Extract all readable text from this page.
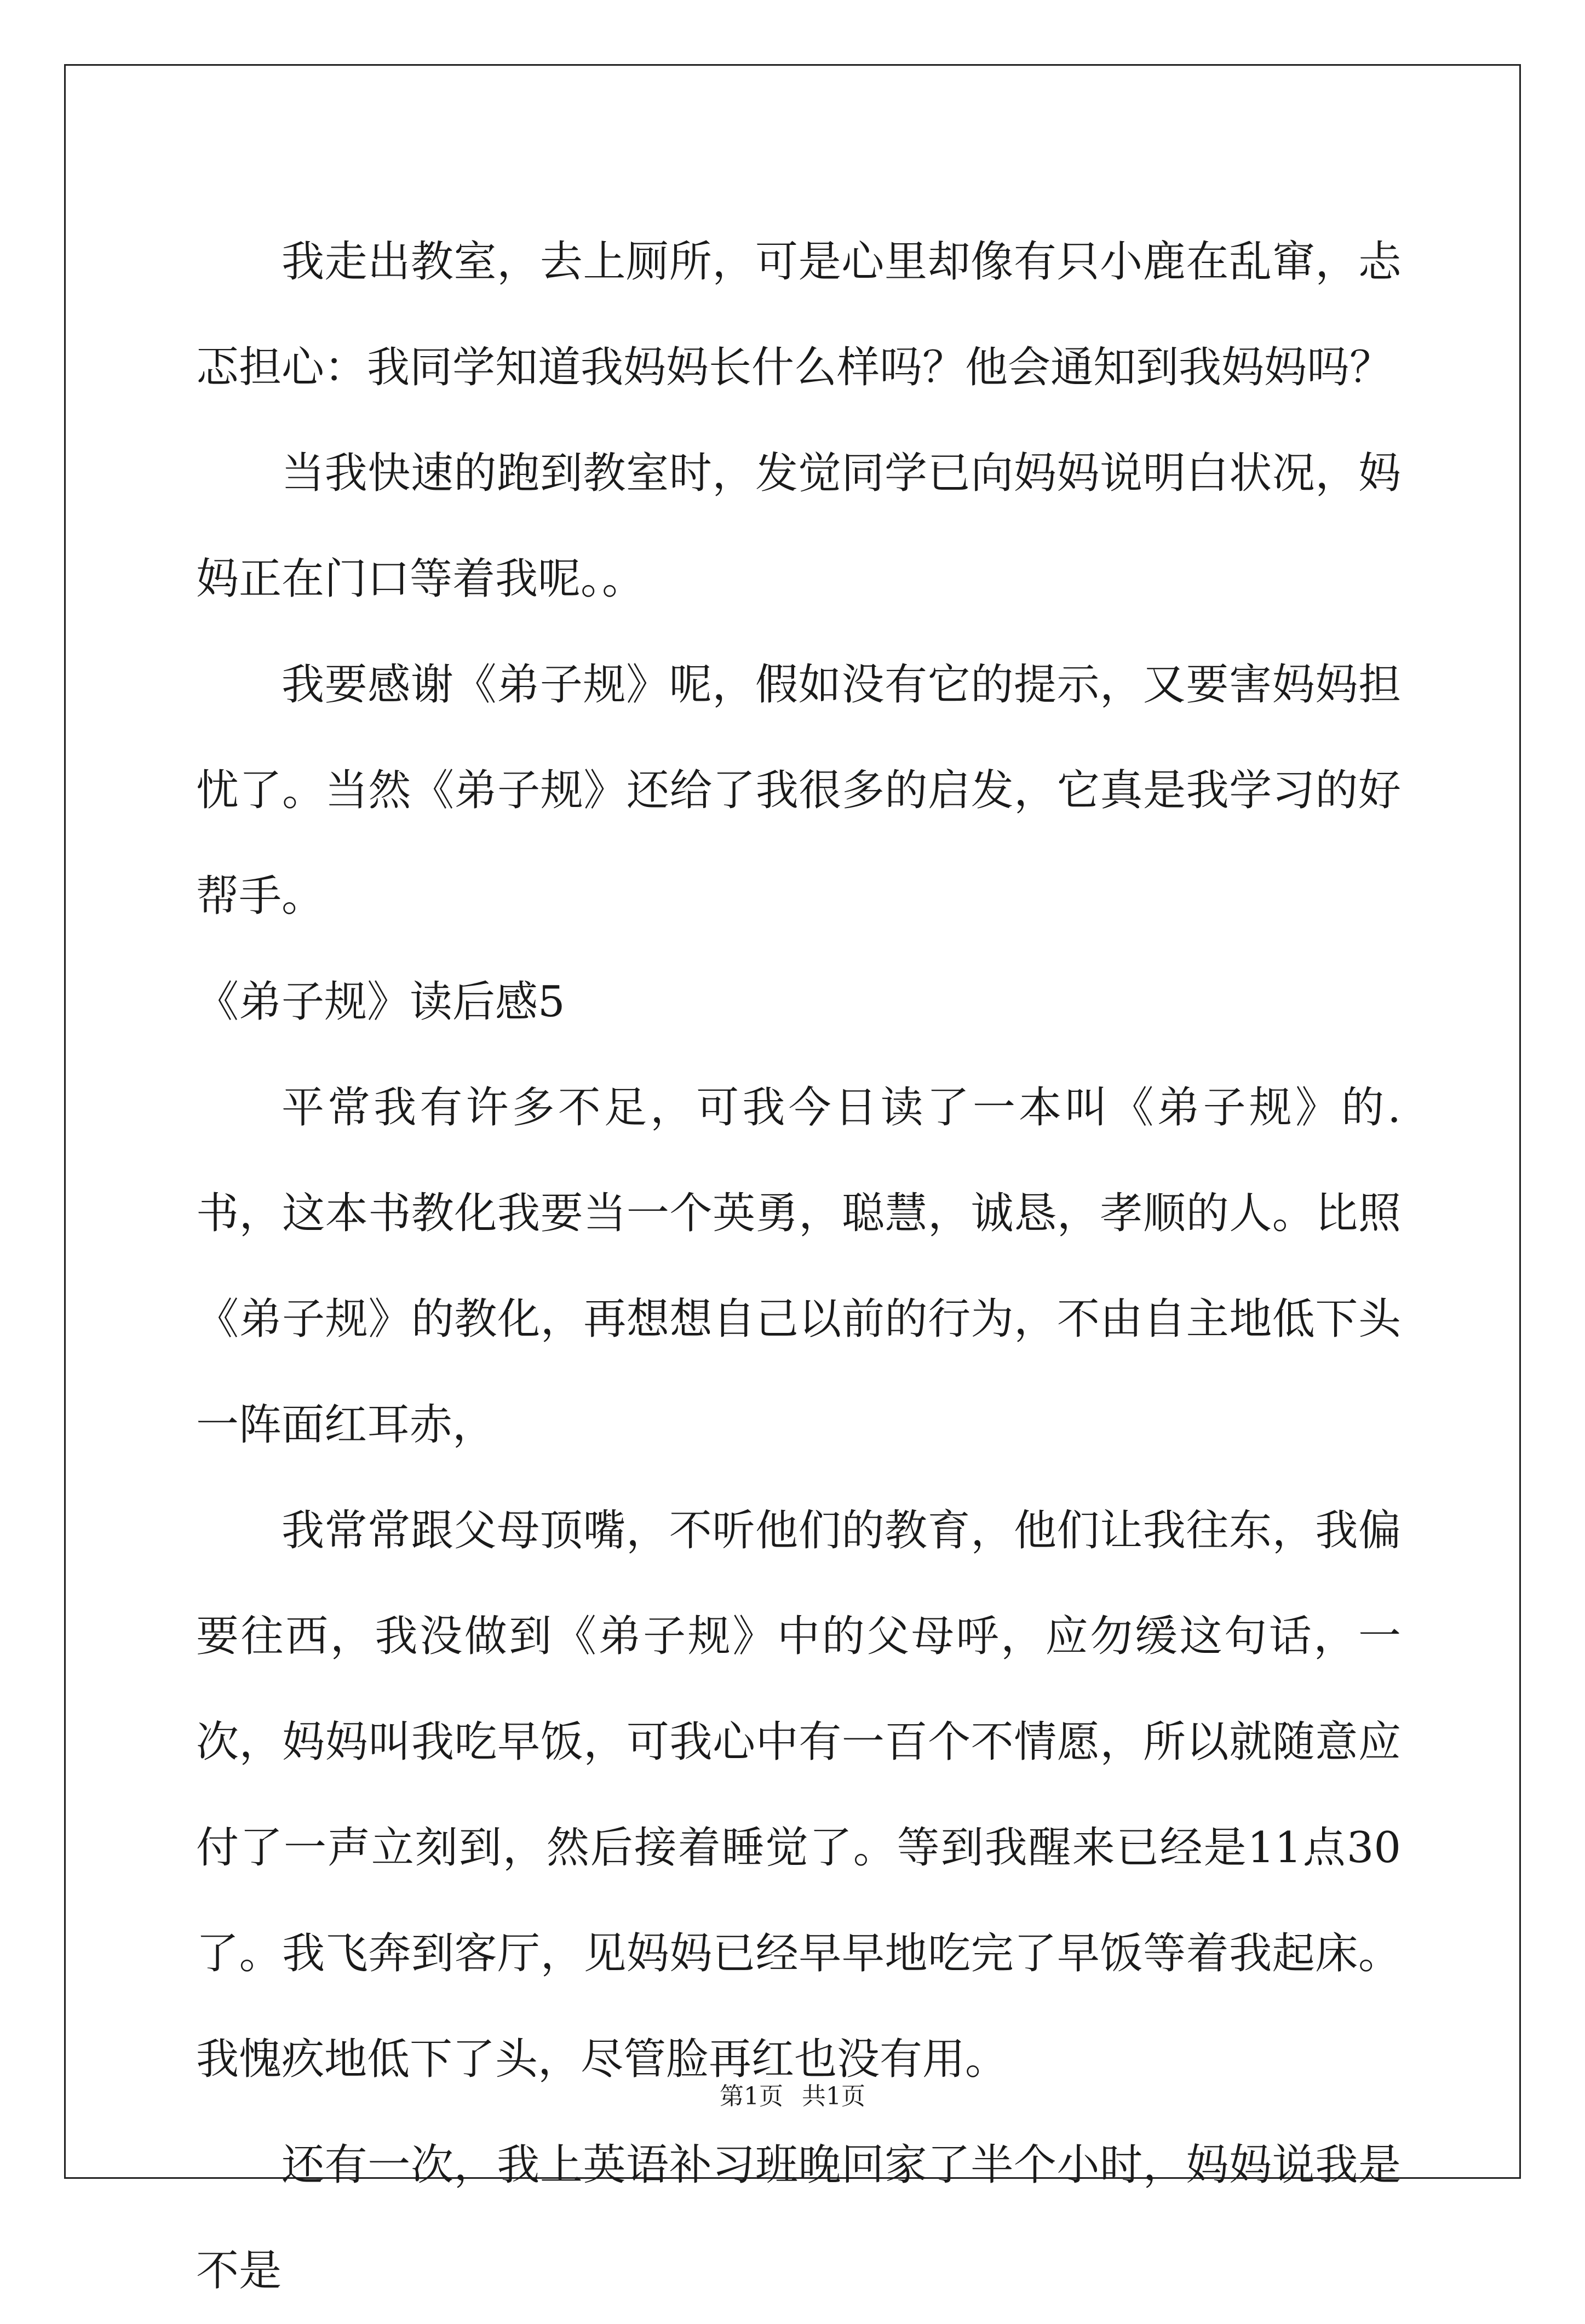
我走出教室，去上厕所，可是心里却像有只小鹿在乱窜，忐忑担心：我同学知道我妈妈长什么样吗？他会通知到我妈妈吗？

当我快速的跑到教室时，发觉同学已向妈妈说明白状况，妈妈正在门口等着我呢。。

我要感谢《弟子规》呢，假如没有它的提示，又要害妈妈担忧了。当然《弟子规》还给了我很多的启发，它真是我学习的好帮手。

《弟子规》读后感5

平常我有许多不足，可我今日读了一本叫《弟子规》的.书，这本书教化我要当一个英勇，聪慧，诚恳，孝顺的人。比照《弟子规》的教化，再想想自己以前的行为，不由自主地低下头一阵面红耳赤，

我常常跟父母顶嘴，不听他们的教育，他们让我往东，我偏要往西，我没做到《弟子规》中的父母呼，应勿缓这句话，一次，妈妈叫我吃早饭，可我心中有一百个不情愿，所以就随意应付了一声立刻到，然后接着睡觉了。等到我醒来已经是11点30了。我飞奔到客厅，见妈妈已经早早地吃完了早饭等着我起床。我愧疚地低下了头，尽管脸再红也没有用。

还有一次，我上英语补习班晚回家了半个小时，妈妈说我是不是

第1页 共1页
